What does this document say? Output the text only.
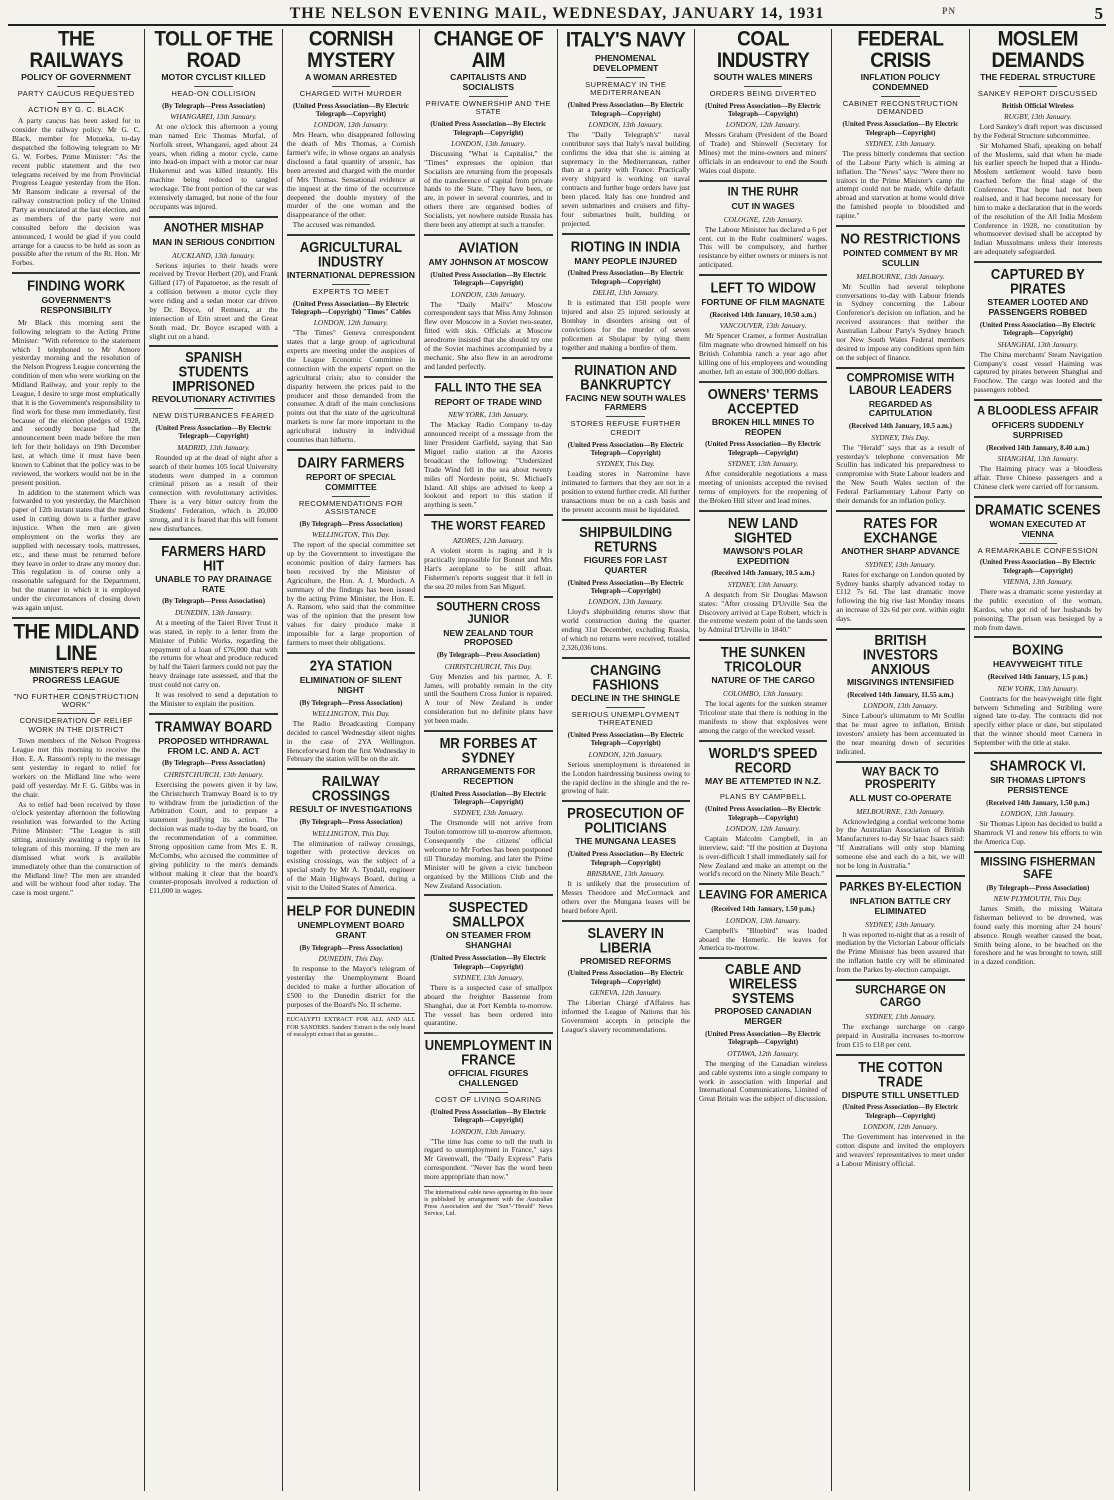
THE NELSON EVENING MAIL, WEDNESDAY, JANUARY 14, 1931	PN	5
THE RAILWAYS
POLICY OF GOVERNMENT
PARTY CAUCUS REQUESTED
ACTION BY G. C. BLACK

A party caucus has been asked for to consider the railway policy. Mr G. C. Black, member for Motueka, to-day despatched the following telegram to Mr G. W. Forbes, Prime Minister: "As the recent public statement and the two telegrams received by me from Provincial Progress League yesterday from the Hon. Mr Ransom indicate a reversal of the railway construction policy of the United Party as enunciated at the last election, and as members of the party were not consulted before the decision was announced, I would be glad if you could arrange for a caucus to be held as soon as possible after the return of the Rt. Hon. Mr Forbes.

FINDING WORK
GOVERNMENT'S RESPONSIBILITY

Mr Black this morning sent the following telegram to the Acting Prime Minister: "With reference to the statement which I telephoned to Mr Atmore yesterday morning and the resolution of the Nelson Progress League concerning the condition of men who were working on the Midland Railway, and your reply to the League, I desire to urge most emphatically that it is the Government's responsibility to find work for these men immediately, first because of the election pledges of 1928, and secondly because had the announcement been made before the men left for their holidays on 19th December last, at which time it must have been known to Cabinet that the policy was to be reviewed, the workers would not be in the present position.

In addition to the statement which was forwarded to you yesterday, the Marchison paper of 12th instant states that the method used in cutting down is a further grave injustice. When the men are given employment on the works they are supplied with necessary tools, mattresses, etc., and these must be returned before they leave in order to draw any money due. This regulation is of course only a reasonable safeguard for the Department, but the manner in which it is employed under the circumstances of closing down was again unjust.

THE MIDLAND LINE
MINISTER'S REPLY TO PROGRESS LEAGUE
"NO FURTHER CONSTRUCTION WORK"
CONSIDERATION OF RELIEF WORK IN THE DISTRICT

Town members of the Nelson Progress League met this morning to receive the Hon. E. A. Ransom's reply to the message sent yesterday in regard to relief for workers on the Midland line who were paid off yesterday. Mr F. G. Gibbs was in the chair.

As to relief had been received by three o'clock yesterday afternoon the following resolution was forwarded to the Acting Prime Minister: "The League is still sitting, anxiously awaiting a reply to its telegram of this morning. If the men are dismissed what work is available immediately other than the construction of the Midland line? The men are stranded and will be without food after today. The case is most urgent."

TOLL OF THE ROAD
MOTOR CYCLIST KILLED
HEAD-ON COLLISION
(By Telegraph—Press Association)
WHANGAREI, 13th January.

At one o'clock this afternoon a young man named Eric Thomas Murfal, of Norfolk street, Whangarei, aged about 24 years, when riding a motor cycle, came into head-on impact with a motor car near Hukerenui and was killed instantly. His machine being reduced to tangled wreckage. The front portion of the car was extensively damaged, but none of the four occupants was injured.

ANOTHER MISHAP
MAN IN SERIOUS CONDITION
AUCKLAND, 13th January.

Serious injuries to their heads were received by Trevor Herbert (20), and Frank Gillard (17) of Papatoetoe, as the result of a collision between a motor cycle they were riding and a sedan motor car driven by Dr. Boyce, of Remuera, at the intersection of Erin street and the Great South road. Dr. Boyce escaped with a slight cut on a hand.

SPANISH STUDENTS IMPRISONED
REVOLUTIONARY ACTIVITIES
NEW DISTURBANCES FEARED
(United Press Association—By Electric Telegraph—Copyright)
MADRID, 13th January.

Rounded up at the dead of night after a search of their homes 105 local University students were dumped in a common criminal prison as a result of their connection with revolutionary activities. There is a very bitter outcry from the Students' Federation, which is 20,000 strong, and it is feared that this will foment new disturbances.

FARMERS HARD HIT
UNABLE TO PAY DRAINAGE RATE
(By Telegraph—Press Association)
DUNEDIN, 13th January.

At a meeting of the Taieri River Trust it was stated, in reply to a letter from the Minister of Public Works, regarding the repayment of a loan of £76,000 that with the returns for wheat and produce reduced by half the Taieri farmers could not pay the heavy drainage rate assessed, and that the trust could not carry on.

It was resolved to send a deputation to the Minister to explain the position.

TRAMWAY BOARD
PROPOSED WITHDRAWAL FROM I.C. AND A. ACT
(By Telegraph—Press Association)
CHRISTCHURCH, 13th January.

Exercising the powers given it by law, the Christchurch Tramway Board is to try to withdraw from the jurisdiction of the Arbitration Court, and to prepare a statement justifying its action. The decision was made to-day by the board, on the recommendation of a committee. Strong opposition came from Mrs E. R. McCombs, who accused the committee of giving publicity to the men's demands without making it clear that the board's counter-proposals involved a reduction of £11,000 in wages.

CORNISH MYSTERY
A WOMAN ARRESTED
CHARGED WITH MURDER
(United Press Association—By Electric Telegraph—Copyright)
LONDON, 13th January.

Mrs Hearn, who disappeared following the death of Mrs Thomas, a Cornish farmer's wife, in whose organs an analysis disclosed a fatal quantity of arsenic, has been arrested and charged with the murder of Mrs Thomas. Sensational evidence at the inquest at the time of the occurrence deepened the double mystery of the murder of the one woman and the disappearance of the other.

The accused was remanded.

AGRICULTURAL INDUSTRY
INTERNATIONAL DEPRESSION
EXPERTS TO MEET
(United Press Association—By Electric Telegraph—Copyright) "Times" Cables
LONDON, 12th January.

"The Times" Geneva correspondent states that a large group of agricultural experts are meeting under the auspices of the League Economic Committee in connection with the experts' report on the agricultural crisis; also to consider the disparity between the prices paid to the producer and those demanded from the consumer. A draft of the main conclusions points out that the state of the agricultural markets is now far more important to the agricultural industry in individual countries than hitherto.

DAIRY FARMERS
REPORT OF SPECIAL COMMITTEE
RECOMMENDATIONS FOR ASSISTANCE
(By Telegraph—Press Association)
WELLINGTON, This Day.

The report of the special committee set up by the Government to investigate the economic position of dairy farmers has been received by the Minister of Agriculture, the Hon. A. J. Murdoch. A summary of the findings has been issued by the acting Prime Minister, the Hon. E. A. Ransom, who said that the committee was of the opinion that the present low values for dairy produce make it impossible for a large proportion of farmers to meet their obligations.

2YA STATION
ELIMINATION OF SILENT NIGHT
(By Telegraph—Press Association)
WELLINGTON, This Day.

The Radio Broadcasting Company decided to cancel Wednesday silent nights in the case of 2YA Wellington. Henceforward from the first Wednesday in February the station will be on the air.

RAILWAY CROSSINGS
RESULT OF INVESTIGATIONS
(By Telegraph—Press Association)
WELLINGTON, This Day.

The elimination of railway crossings, together with protective devices on existing crossings, was the subject of a special study by Mr A. Tyndall, engineer of the Main Highways Board, during a visit to the United States of America.

HELP FOR DUNEDIN
UNEMPLOYMENT BOARD GRANT
(By Telegraph—Press Association)
DUNEDIN, This Day.

In response to the Mayor's telegram of yesterday the Unemployment Board decided to make a further allocation of £500 to the Dunedin district for the purposes of the Board's No. II scheme.

EUCALYPTI EXTRACT FOR ALL AND ALL FOR SANDERS. Sanders' Extract is the only brand of eucalypti extract that as genuine...
CHANGE OF AIM
CAPITALISTS AND SOCIALISTS
PRIVATE OWNERSHIP AND THE STATE
(United Press Association—By Electric Telegraph—Copyright)
LONDON, 13th January.

Discussing "What is Capitalist," the "Times" expresses the opinion that Socialists are returning from the proposals of the transference of capital from private hands to the State. "They have been, or are, in power in several countries, and in others there are organised bodies of Socialists, yet nowhere outside Russia has there been any attempt at such a transfer.

AVIATION
AMY JOHNSON AT MOSCOW
(United Press Association—By Electric Telegraph—Copyright)
LONDON, 13th January.

The "Daily Mail's" Moscow correspondent says that Miss Amy Johnson flew over Moscow in a Soviet two-seater, fitted with skis. Officials at Moscow aerodrome insisted that she should try one of the Soviet machines accompanied by a mechanic. She also flew in an aerodrome and landed perfectly.

FALL INTO THE SEA
REPORT OF TRADE WIND
NEW YORK, 13th January.

The Mackay Radio Company to-day announced receipt of a message from the liner President Garfield, saying that San Miguel radio station at the Azores broadcast the following: "Undersized Trade Wind fell in the sea about twenty miles off Nordeste point, St. Michael's Island. All ships are advised to keep a lookout and report to this station if anything is seen."

THE WORST FEARED
AZORES, 12th January.

A violent storm is raging and it is practically impossible for Bonnet and Mrs Hart's aeroplane to be still afloat. Fishermen's reports suggest that it fell in the sea 20 miles from San Miguel.

SOUTHERN CROSS JUNIOR
NEW ZEALAND TOUR PROPOSED
(By Telegraph—Press Association)
CHRISTCHURCH, This Day.

Guy Menzies and his partner, A. F. James, will probably remain in the city until the Southern Cross Junior is repaired. A tour of New Zealand is under consideration but no definite plans have yet been made.

MR FORBES AT SYDNEY
ARRANGEMENTS FOR RECEPTION
(United Press Association—By Electric Telegraph—Copyright)
SYDNEY, 13th January.

The Orsmonde will not arrive from Toulon tomorrow till to-morrow afternoon. Consequently the citizens' official welcome to Mr Forbes has been postponed till Thursday morning, and later the Prime Minister will be given a civic luncheon organised by the Millions Club and the New Zealand Association.

SUSPECTED SMALLPOX
ON STEAMER FROM SHANGHAI
(United Press Association—By Electric Telegraph—Copyright)
SYDNEY, 13th January.

There is a suspected case of smallpox aboard the freighter Bassenne from Shanghai, due at Port Kembla to-morrow. The vessel has been ordered into quarantine.

UNEMPLOYMENT IN FRANCE
OFFICIAL FIGURES CHALLENGED
COST OF LIVING SOARING
(United Press Association—By Electric Telegraph—Copyright)
LONDON, 13th January.

"The time has come to tell the truth in regard to unemployment in France," says Mr Greenwall, the "Daily Express" Paris correspondent. "Never has the word been more appropriate than now."

The international cable news appearing in this issue is published by arrangement with the Australian Press Association and the "Sun"-"Herald" News Service, Ltd.
ITALY'S NAVY
PHENOMENAL DEVELOPMENT
SUPREMACY IN THE MEDITERRANEAN
(United Press Association—By Electric Telegraph—Copyright)
LONDON, 13th January.

The "Daily Telegraph's" naval contributor says that Italy's naval building confirms the idea that she is aiming at supremacy in the Mediterranean, rather than at a parity with France. Practically every shipyard is working on naval contracts and further huge orders have just been placed. Italy has one hundred and seven submarines and cruisers and fifty-four submarines built, building or projected.

RIOTING IN INDIA
MANY PEOPLE INJURED
(United Press Association—By Electric Telegraph—Copyright)
DELHI, 13th January.

It is estimated that 150 people were injured and also 25 injured seriously at Bombay in disorders arising out of convictions for the murder of seven policemen at Sholapur by tying them together and making a bonfire of them.

RUINATION AND BANKRUPTCY
FACING NEW SOUTH WALES FARMERS
STORES REFUSE FURTHER CREDIT
(United Press Association—By Electric Telegraph—Copyright)
SYDNEY, This Day.

Leading stores in Narromine have intimated to farmers that they are not in a position to extend further credit. All further transactions must be on a cash basis and the present accounts must be liquidated.

SHIPBUILDING RETURNS
FIGURES FOR LAST QUARTER
(United Press Association—By Electric Telegraph—Copyright)
LONDON, 13th January.

Lloyd's shipbuilding returns show that world construction during the quarter ending 31st December, excluding Russia, of which no returns were received, totalled 2,326,036 tons.

CHANGING FASHIONS
DECLINE IN THE SHINGLE
SERIOUS UNEMPLOYMENT THREATENED
(United Press Association—By Electric Telegraph—Copyright)
LONDON, 12th January.

Serious unemployment is threatened in the London hairdressing business owing to the rapid decline in the shingle and the re-growing of hair.

PROSECUTION OF POLITICIANS
THE MUNGANA LEASES
(United Press Association—By Electric Telegraph—Copyright)
BRISBANE, 13th January.

It is unlikely that the prosecution of Messrs Theodore and McCormack and others over the Mungana leases will be heard before April.

SLAVERY IN LIBERIA
PROMISED REFORMS
(United Press Association—By Electric Telegraph—Copyright)
GENEVA, 12th January.

The Liberian Chargé d'Affaires has informed the League of Nations that his Government accepts in principle the League's slavery recommendations.

COAL INDUSTRY
SOUTH WALES MINERS
ORDERS BEING DIVERTED
(United Press Association—By Electric Telegraph—Copyright)
LONDON, 12th January.

Messrs Graham (President of the Board of Trade) and Shinwell (Secretary for Mines) met the mine-owners and miners' officials in an endeavour to end the South Wales coal dispute.

IN THE RUHR
CUT IN WAGES
COLOGNE, 12th January.

The Labour Minister has declared a 6 per cent. cut in the Ruhr coalminers' wages. This will be compulsory, and further resistance by either owners or miners is not anticipated.

LEFT TO WIDOW
FORTUNE OF FILM MAGNATE
(Received 14th January, 10.50 a.m.)
VANCOUVER, 13th January.

Mr Spencer Cramer, a former Australian film magnate who drowned himself on his British Columbia ranch a year ago after killing one of his employees and wounding another, left an estate of 300,000 dollars.

OWNERS' TERMS ACCEPTED
BROKEN HILL MINES TO REOPEN
(United Press Association—By Electric Telegraph—Copyright)
SYDNEY, 13th January.

After considerable negotiations a mass meeting of unionists accepted the revised terms of employers for the reopening of the Broken Hill silver and lead mines.

NEW LAND SIGHTED
MAWSON'S POLAR EXPEDITION
(Received 14th January, 10.5 a.m.)
SYDNEY, 13th January.

A despatch from Sir Douglas Mawson states: "After crossing D'Urville Sea the Discovery arrived at Cape Robert, which is the extreme western point of the lands seen by Admiral D'Urville in 1840."

THE SUNKEN TRICOLOUR
NATURE OF THE CARGO
COLOMBO, 13th January.

The local agents for the sunken steamer Tricolour state that there is nothing in the manifests to show that explosives were among the cargo of the wrecked vessel.

WORLD'S SPEED RECORD
MAY BE ATTEMPTED IN N.Z.
PLANS BY CAMPBELL
(United Press Association—By Electric Telegraph—Copyright)
LONDON, 12th January.

Captain Malcolm Campbell, in an interview, said: "If the position at Daytona is over-difficult I shall immediately sail for New Zealand and make an attempt on the world's record on the Ninety Mile Beach."

LEAVING FOR AMERICA
(Received 14th January, 1.50 p.m.)
LONDON, 13th January.

Campbell's "Bluebird" was loaded aboard the Homeric. He leaves for America to-morrow.

CABLE AND WIRELESS SYSTEMS
PROPOSED CANADIAN MERGER
(United Press Association—By Electric Telegraph—Copyright)
OTTAWA, 12th January.

The merging of the Canadian wireless and cable systems into a single company to work in association with Imperial and International Communications, Limited of Great Britain was the subject of discussion.

FEDERAL CRISIS
INFLATION POLICY CONDEMNED
CABINET RECONSTRUCTION DEMANDED
(United Press Association—By Electric Telegraph—Copyright)
SYDNEY, 13th January.

The press bitterly condemns that section of the Labour Party which is aiming at inflation. The "News" says: "Were there no traitors in the Prime Minister's camp the attempt could not be made, while default abroad and starvation at home would drive the famished people to bloodshed and rapine."

NO RESTRICTIONS
POINTED COMMENT BY MR SCULLIN
MELBOURNE, 13th January.

Mr Scullin had several telephone conversations to-day with Labour friends in Sydney concerning the Labour Conference's decision on inflation, and he received assurances that neither the Australian Labour Party's Sydney branch nor New South Wales Federal members desired to impose any conditions upon him on the subject of finance.

COMPROMISE WITH LABOUR LEADERS
REGARDED AS CAPITULATION
(Received 14th January, 10.5 a.m.)
SYDNEY, This Day.

The "Herald" says that as a result of yesterday's telephone conversation Mr Scullin has indicated his preparedness to compromise with State Labour leaders and the New South Wales section of the Federal Parliamentary Labour Party on their demands for an inflation policy.

RATES FOR EXCHANGE
ANOTHER SHARP ADVANCE
SYDNEY, 13th January.

Rates for exchange on London quoted by Sydney banks sharply advanced today to £112 7s 6d. The last dramatic move following the big rise last Monday means an increase of 32s 6d per cent. within eight days.

BRITISH INVESTORS ANXIOUS
MISGIVINGS INTENSIFIED
(Received 14th January, 11.55 a.m.)
LONDON, 13th January.

Since Labour's ultimatum to Mr Scullin that he must agree to inflation, British investors' anxiety has been accentuated in the near meaning down of securities indicated.

WAY BACK TO PROSPERITY
ALL MUST CO-OPERATE
MELBOURNE, 13th January.

Acknowledging a cordial welcome home by the Australian Association of British Manufacturers to-day Sir Isaac Isaacs said: "If Australians will only stop blaming someone else and each do a bit, we will not be long in Australia."

PARKES BY-ELECTION
INFLATION BATTLE CRY ELIMINATED
SYDNEY, 13th January.

It was reported to-night that as a result of mediation by the Victorian Labour officials the Prime Minister has been assured that the inflation battle cry will be eliminated from the Parkes by-election campaign.

SURCHARGE ON CARGO
SYDNEY, 13th January.

The exchange surcharge on cargo prepaid in Australia increases to-morrow from £15 to £18 per cent.

THE COTTON TRADE
DISPUTE STILL UNSETTLED
(United Press Association—By Electric Telegraph—Copyright)
LONDON, 12th January.

The Government has intervened in the cotton dispute and invited the employers and weavers' representatives to meet under a Labour Ministry official.

MOSLEM DEMANDS
THE FEDERAL STRUCTURE
SANKEY REPORT DISCUSSED
British Official Wireless
RUGBY, 13th January.

Lord Sankey's draft report was discussed by the Federal Structure subcommittee.

Sir Mohamed Shafi, speaking on behalf of the Moslems, said that when he made his earlier speech he hoped that a Hindu-Moslem settlement would have been reached before the final stage of the Conference. That hope had not been realised, and it had become necessary for him to make a declaration that in the words of the resolution of the All India Moslem Conference in 1928, no constitution by whomsoever devised shall be accepted by Indian Mussulmans unless their interests are adequately safeguarded.

CAPTURED BY PIRATES
STEAMER LOOTED AND PASSENGERS ROBBED
(United Press Association—By Electric Telegraph—Copyright)
SHANGHAI, 13th January.

The China merchants' Steam Navigation Company's coast vessel Haiming was captured by pirates between Shanghai and Foochow. The cargo was looted and the passengers robbed.

A BLOODLESS AFFAIR
OFFICERS SUDDENLY SURPRISED
(Received 14th January, 8.40 a.m.)
SHANGHAI, 13th January.

The Haiming piracy was a bloodless affair. Three Chinese passengers and a Chinese clerk were carried off for ransom.

DRAMATIC SCENES
WOMAN EXECUTED AT VIENNA
A REMARKABLE CONFESSION
(United Press Association—By Electric Telegraph—Copyright)
VIENNA, 13th January.

There was a dramatic scene yesterday at the public execution of the woman, Kardos, who got rid of her husbands by poisoning. The prison was besieged by a mob from dawn.

BOXING
HEAVYWEIGHT TITLE
(Received 14th January, 1.5 p.m.)
NEW YORK, 13th January.

Contracts for the heavyweight title fight between Schmeling and Stribling were signed late to-day. The contracts did not specify either place or date, but stipulated that the winner should meet Carnera in September with the title at stake.

SHAMROCK VI.
SIR THOMAS LIPTON'S PERSISTENCE
(Received 14th January, 1.50 p.m.)
LONDON, 13th January.

Sir Thomas Lipton has decided to build a Shamrock VI and renew his efforts to win the America Cup.

MISSING FISHERMAN SAFE
(By Telegraph—Press Association)
NEW PLYMOUTH, This Day.

James Smith, the missing Waitara fisherman believed to be drowned, was found early this morning after 24 hours' absence. Rough weather caused the boat, Smith being alone, to be beached on the foreshore and he was brought to town, still in a dazed condition.
